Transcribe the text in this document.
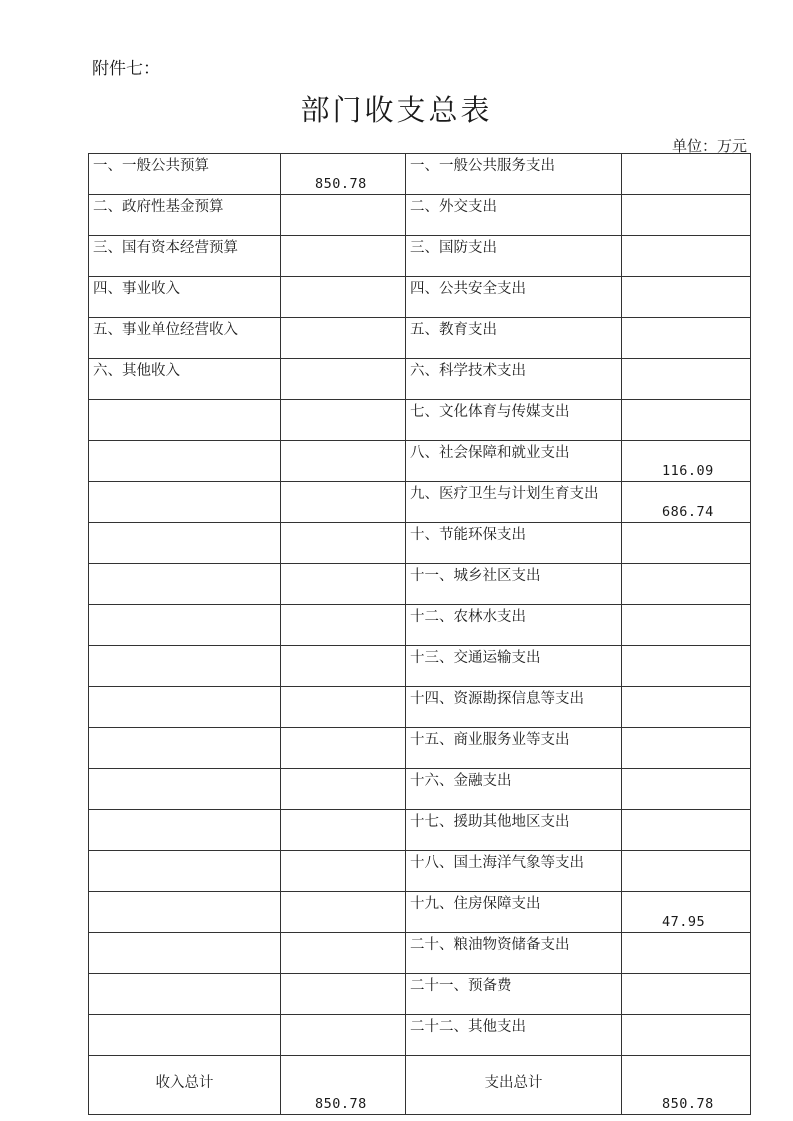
附件七：
部门收支总表
单位：万元
一、一般公共预算	850.78	一、一般公共服务支出	

二、政府性基金预算		二、外交支出	

三、国有资本经营预算		三、国防支出	

四、事业收入		四、公共安全支出	

五、事业单位经营收入		五、教育支出	

六、其他收入		六、科学技术支出	

		七、文化体育与传媒支出	

		八、社会保障和就业支出	116.09

		九、医疗卫生与计划生育支出	686.74

		十、节能环保支出	

		十一、城乡社区支出	

		十二、农林水支出	

		十三、交通运输支出	

		十四、资源勘探信息等支出	

		十五、商业服务业等支出	

		十六、金融支出	

		十七、援助其他地区支出	

		十八、国土海洋气象等支出	

		十九、住房保障支出	47.95

		二十、粮油物资储备支出	

		二十一、预备费	

		二十二、其他支出	

收入总计	850.78	支出总计	850.78
